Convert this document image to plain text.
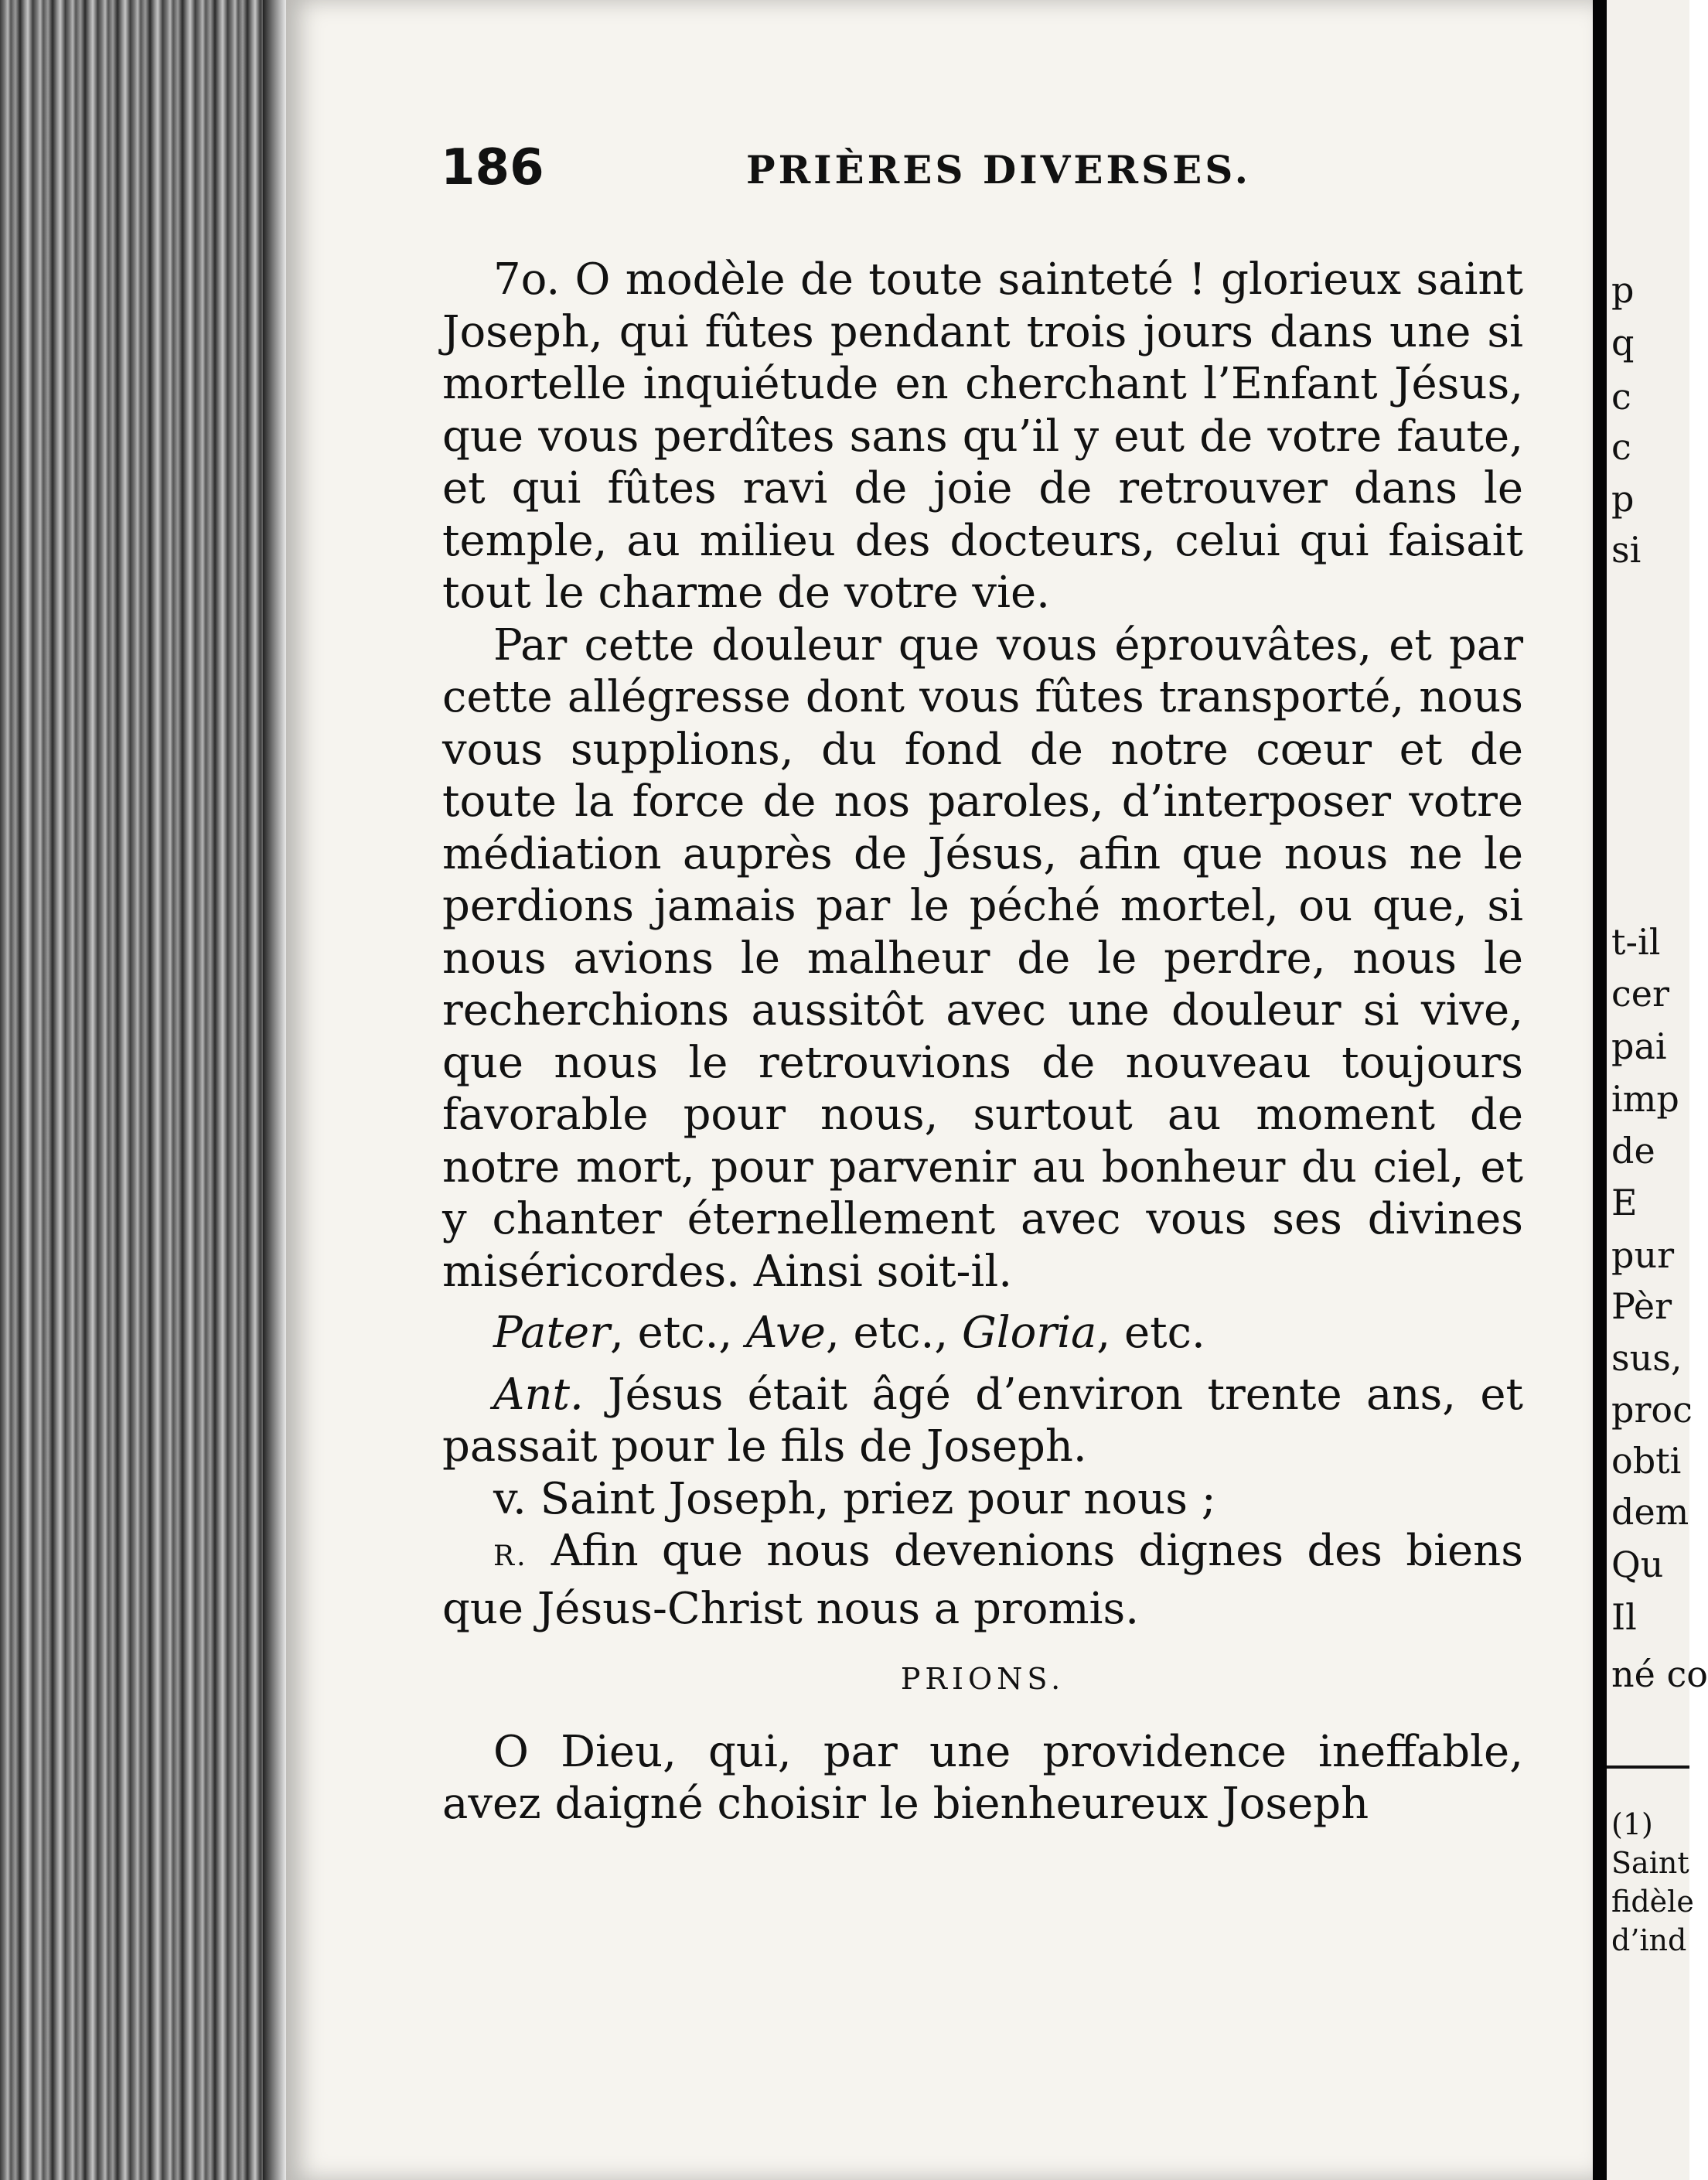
186	PRIÈRES DIVERSES.

7o. O modèle de toute sainteté ! glorieux saint Joseph, qui fûtes pendant trois jours dans une si mortelle inquiétude en cherchant l’Enfant Jésus, que vous perdîtes sans qu’il y eut de votre faute, et qui fûtes ravi de joie de retrouver dans le temple, au milieu des docteurs, celui qui faisait tout le charme de votre vie.

Par cette douleur que vous éprouvâtes, et par cette allégresse dont vous fûtes transporté, nous vous supplions, du fond de notre cœur et de toute la force de nos paroles, d’interposer votre médiation auprès de Jésus, afin que nous ne le perdions jamais par le péché mortel, ou que, si nous avions le malheur de le perdre, nous le recherchions aussitôt avec une douleur si vive, que nous le retrouvions de nouveau toujours favorable pour nous, surtout au moment de notre mort, pour parvenir au bonheur du ciel, et y chanter éternellement avec vous ses divines miséricordes. Ainsi soit-il.

Pater, etc., Ave, etc., Gloria, etc.

Ant. Jésus était âgé d’environ trente ans, et passait pour le fils de Joseph.

v. Saint Joseph, priez pour nous ;

R. Afin que nous devenions dignes des biens que Jésus-Christ nous a promis.

PRIONS.

O Dieu, qui, par une providence ineffable, avez daigné choisir le bienheureux Joseph

p
q
c
c
p
si
t-il
cer
pai
imp
de
E
pur
Pèr
sus,
proc
obti
dem
Qu
Il
né co
(1)
Saint
fidèle
d’ind
